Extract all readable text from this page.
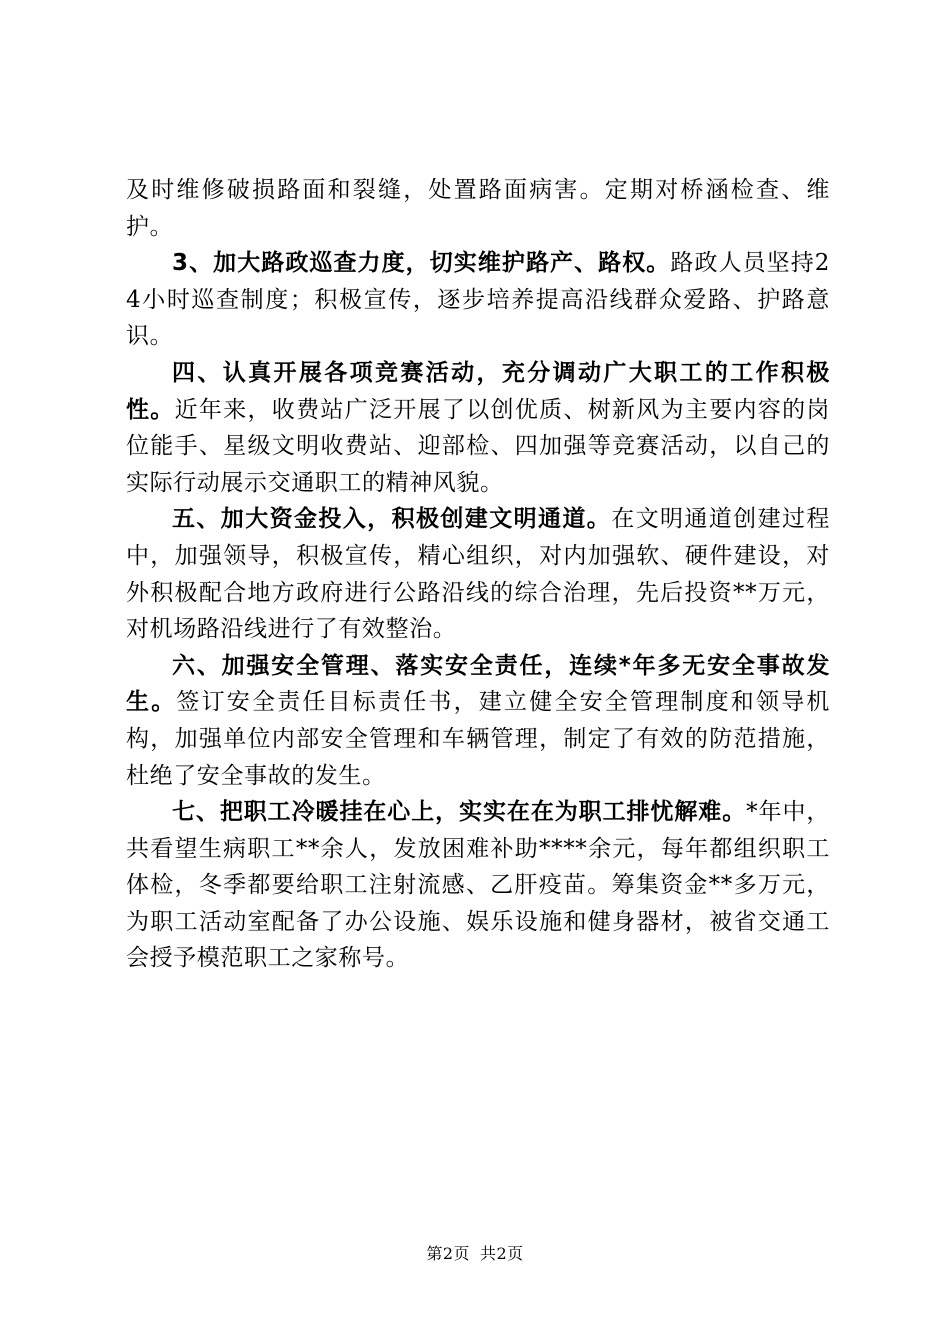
及时维修破损路面和裂缝，处置路面病害。定期对桥涵检查、维护。

3、加大路政巡查力度，切实维护路产、路权。路政人员坚持24小时巡查制度；积极宣传，逐步培养提高沿线群众爱路、护路意识。

四、认真开展各项竞赛活动，充分调动广大职工的工作积极性。近年来，收费站广泛开展了以创优质、树新风为主要内容的岗位能手、星级文明收费站、迎部检、四加强等竞赛活动，以自己的实际行动展示交通职工的精神风貌。

五、加大资金投入，积极创建文明通道。在文明通道创建过程中，加强领导，积极宣传，精心组织，对内加强软、硬件建设，对外积极配合地方政府进行公路沿线的综合治理，先后投资**万元，对机场路沿线进行了有效整治。

六、加强安全管理、落实安全责任，连续*年多无安全事故发生。签订安全责任目标责任书，建立健全安全管理制度和领导机构，加强单位内部安全管理和车辆管理，制定了有效的防范措施，杜绝了安全事故的发生。

七、把职工冷暖挂在心上，实实在在为职工排忧解难。*年中，共看望生病职工**余人，发放困难补助****余元，每年都组织职工体检，冬季都要给职工注射流感、乙肝疫苗。筹集资金**多万元，为职工活动室配备了办公设施、娱乐设施和健身器材，被省交通工会授予模范职工之家称号。

第2页 共2页
